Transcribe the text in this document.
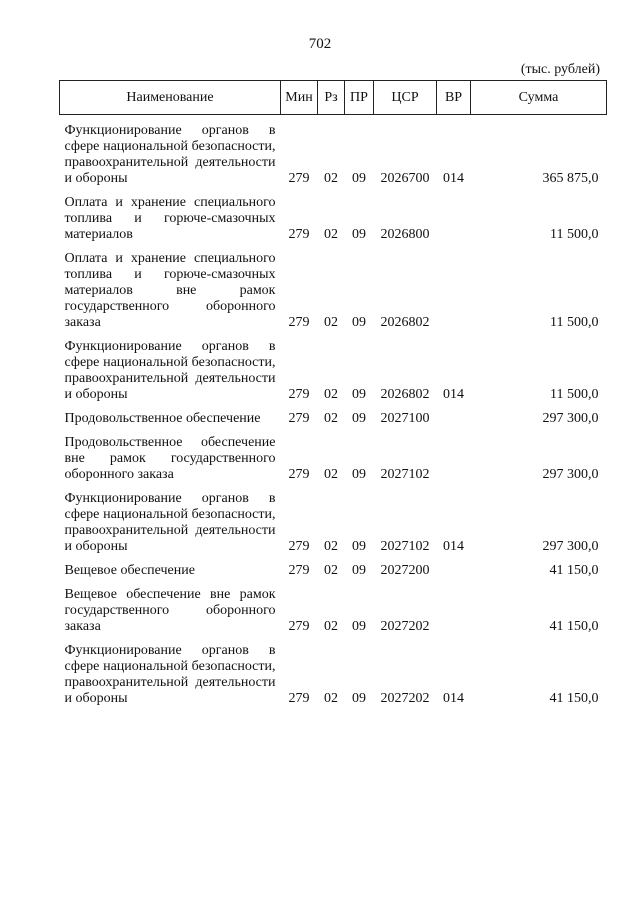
702
(тыс. рублей)
Наименование	Мин	Рз	ПР	ЦСР	ВР	Сумма
Функционирование органов в сфере национальной безопасности, правоохранительной деятельности и обороны	279	02	09	2026700	014	365 875,0
Оплата и хранение специального топлива и горюче-смазочных материалов	279	02	09	2026800		11 500,0
Оплата и хранение специального топлива и горюче-смазочных материалов вне рамок государственного оборонного заказа	279	02	09	2026802		11 500,0
Функционирование органов в сфере национальной безопасности, правоохранительной деятельности и обороны	279	02	09	2026802	014	11 500,0
Продовольственное обеспечение	279	02	09	2027100		297 300,0
Продовольственное обеспечение вне рамок государственного оборонного заказа	279	02	09	2027102		297 300,0
Функционирование органов в сфере национальной безопасности, правоохранительной деятельности и обороны	279	02	09	2027102	014	297 300,0
Вещевое обеспечение	279	02	09	2027200		41 150,0
Вещевое обеспечение вне рамок государственного оборонного заказа	279	02	09	2027202		41 150,0
Функционирование органов в сфере национальной безопасности, правоохранительной деятельности и обороны	279	02	09	2027202	014	41 150,0
